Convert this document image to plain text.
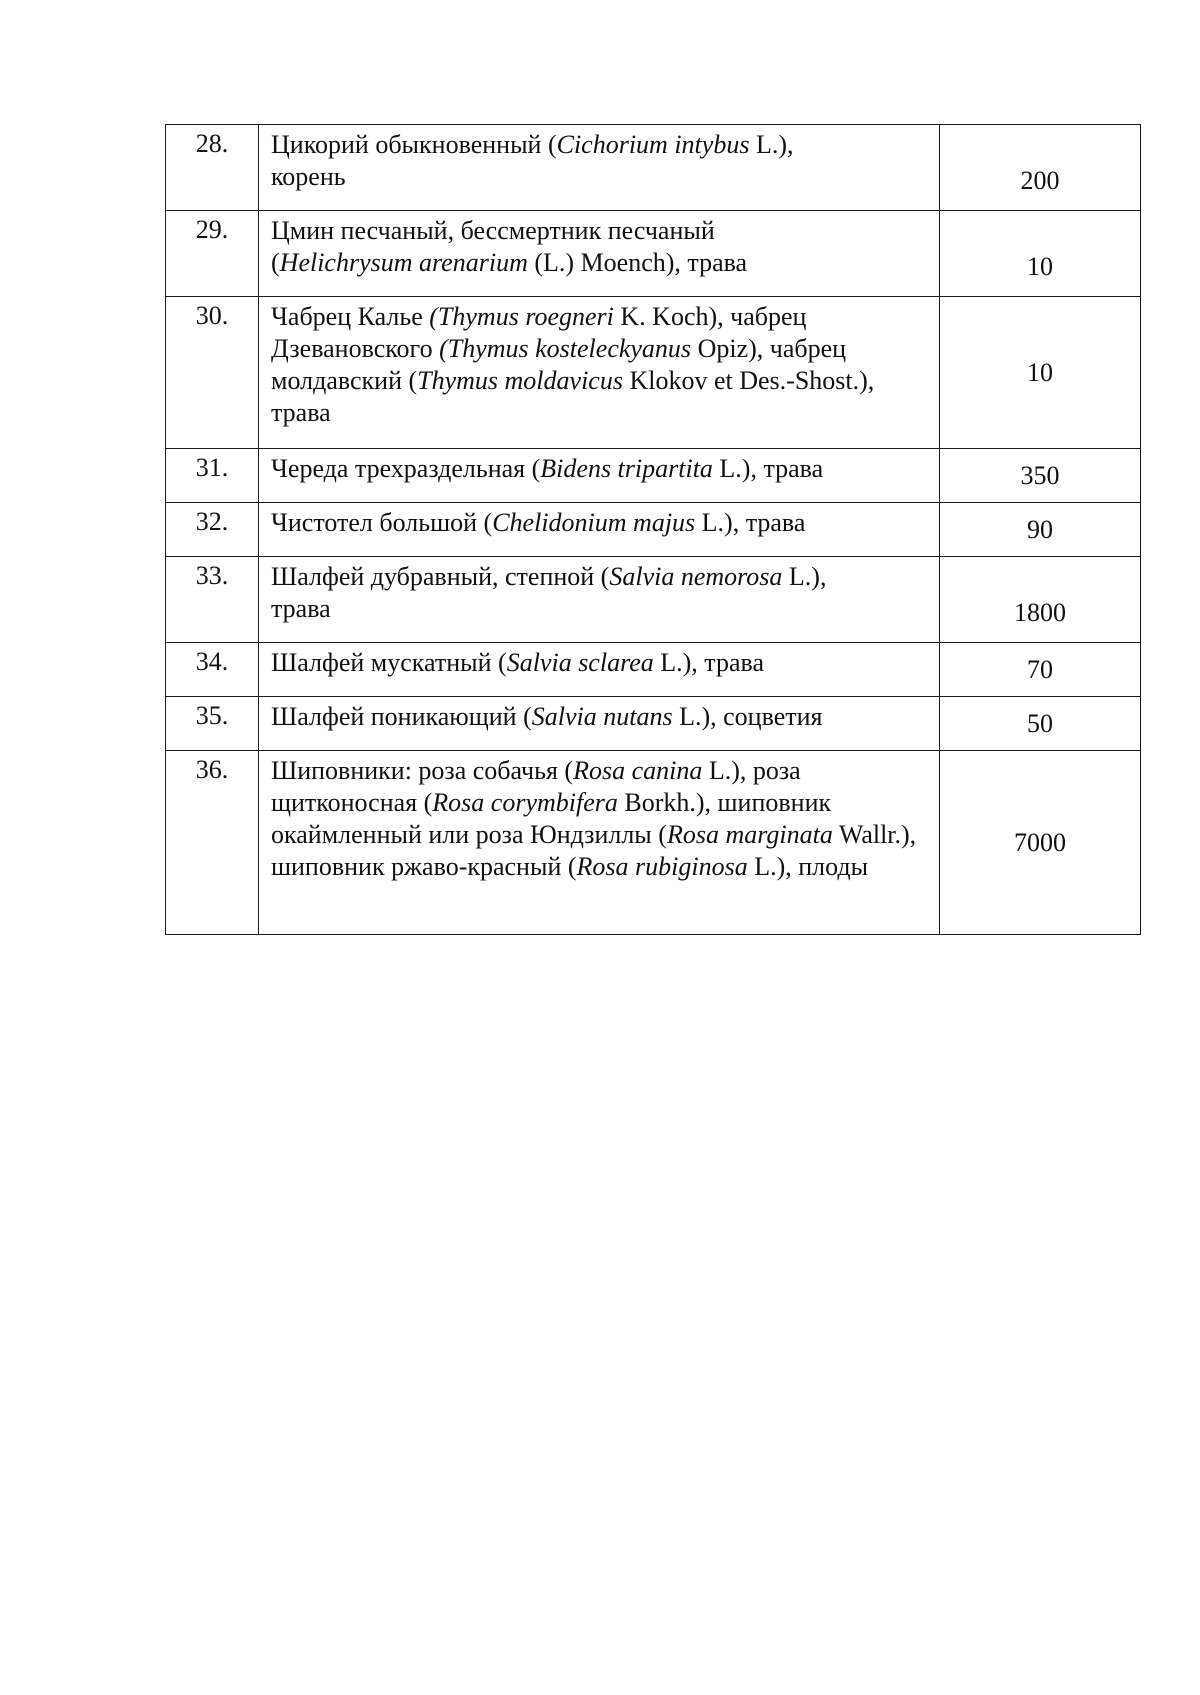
28.	Цикорий обыкновенный (Cichorium intybus L.),
корень	200
29.	Цмин песчаный, бессмертник песчаный
(Helichrysum arenarium (L.) Moench), трава	10
30.	Чабрец Калье (Thymus roegneri K. Koch), чабрец Дзевановского (Thymus kosteleckyanus Opiz), чабрец молдавский (Thymus moldavicus Klokov et Des.-Shost.), трава	10
31.	Череда трехраздельная (Bidens tripartita L.), трава	350
32.	Чистотел большой (Chelidonium majus L.), трава	90
33.	Шалфей дубравный, степной (Salvia nemorosa L.),
трава	1800
34.	Шалфей мускатный (Salvia sclarea L.), трава	70
35.	Шалфей поникающий (Salvia nutans L.), соцветия	50
36.	Шиповники: роза собачья (Rosa canina L.), роза щитконосная (Rosa corymbifera Borkh.), шиповник окаймленный или роза Юндзиллы (Rosa marginata Wallr.), шиповник ржаво-красный (Rosa rubiginosa L.), плоды	7000
